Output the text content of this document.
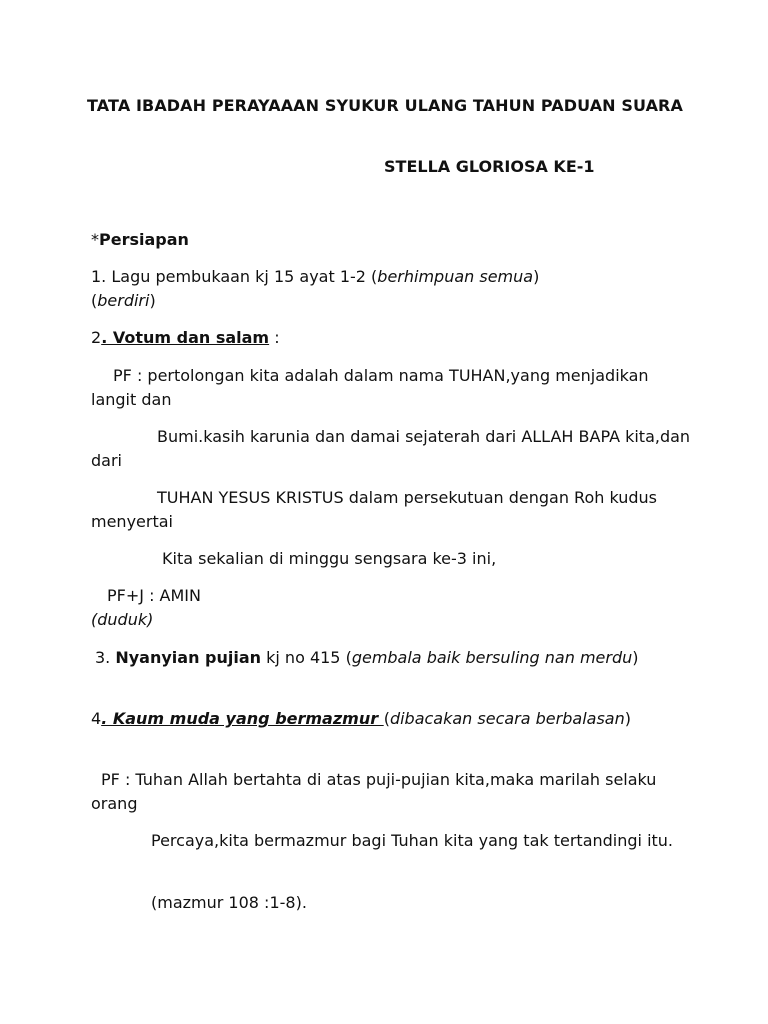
TATA IBADAH PERAYAAAN SYUKUR ULANG TAHUN PADUAN SUARA
STELLA GLORIOSA KE-1
*Persiapan
1. Lagu pembukaan kj 15 ayat 1-2 (berhimpuan semua)
(berdiri)
2. Votum dan salam :
PF : pertolongan kita adalah dalam nama TUHAN,yang menjadikan langit dan
Bumi.kasih karunia dan damai sejaterah dari ALLAH BAPA kita,dan dari
TUHAN YESUS KRISTUS dalam persekutuan dengan Roh kudus menyertai
Kita sekalian di minggu sengsara ke-3 ini,
PF+J : AMIN
(duduk)
3. Nyanyian pujian kj no 415 (gembala baik bersuling nan merdu)
4. Kaum muda yang bermazmur (dibacakan secara berbalasan)
PF : Tuhan Allah bertahta di atas puji-pujian kita,maka marilah selaku orang
Percaya,kita bermazmur bagi Tuhan kita yang tak tertandingi itu.
(mazmur 108 :1-8).
